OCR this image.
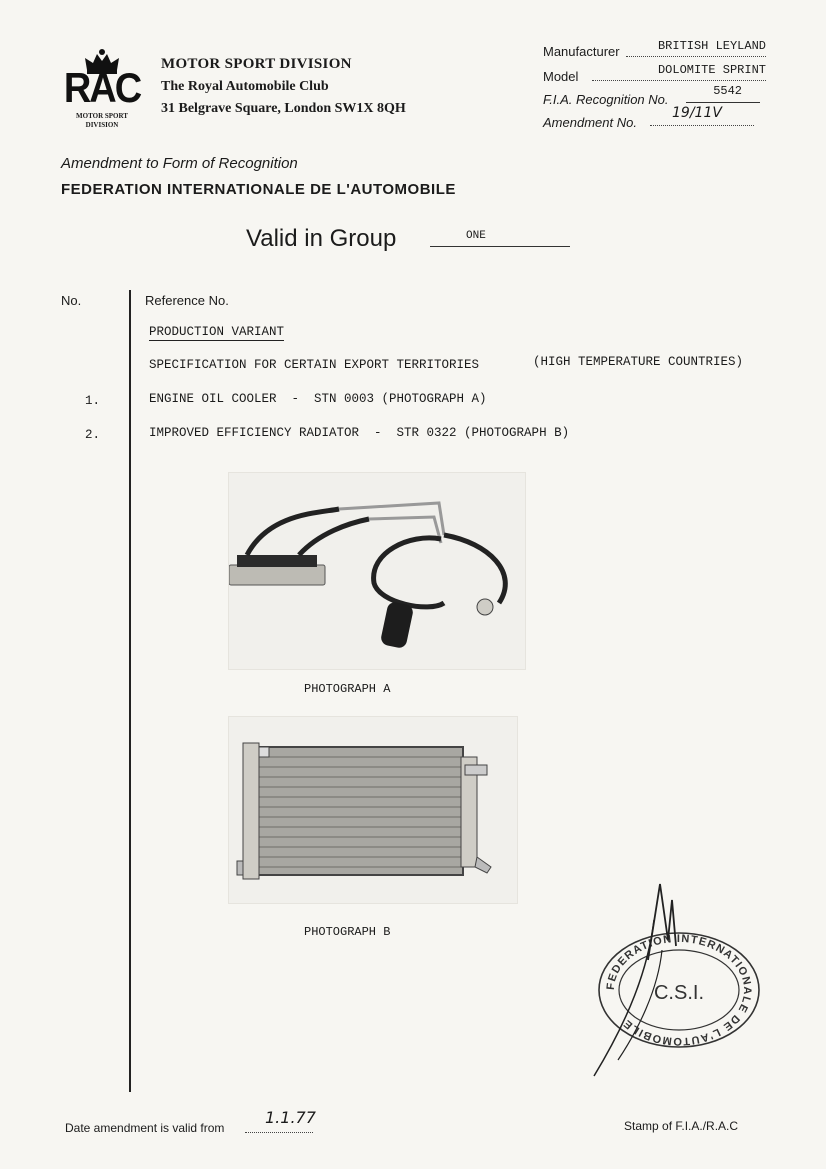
RAC
MOTOR SPORT
DIVISION
MOTOR SPORT DIVISION
The Royal Automobile Club
31 Belgrave Square, London SW1X 8QH
Manufacturer	BRITISH LEYLAND
Model	DOLOMITE SPRINT
F.I.A. Recognition No.
5542
Amendment No.
19/11V
Amendment to Form of Recognition
FEDERATION INTERNATIONALE DE L'AUTOMOBILE
Valid in Group	ONE
No.	Reference No.
PRODUCTION VARIANT
SPECIFICATION FOR CERTAIN EXPORT TERRITORIES	(HIGH TEMPERATURE COUNTRIES)
1.	ENGINE OIL COOLER  -  STN 0003 (PHOTOGRAPH A)
2.	IMPROVED EFFICIENCY RADIATOR  -  STR 0322 (PHOTOGRAPH B)
PHOTOGRAPH A
PHOTOGRAPH B
FEDERATION INTERNATIONALE DE L'AUTOMOBILE
C.S.I.
Date amendment is valid from
1.1.77	Stamp of F.I.A./R.A.C
